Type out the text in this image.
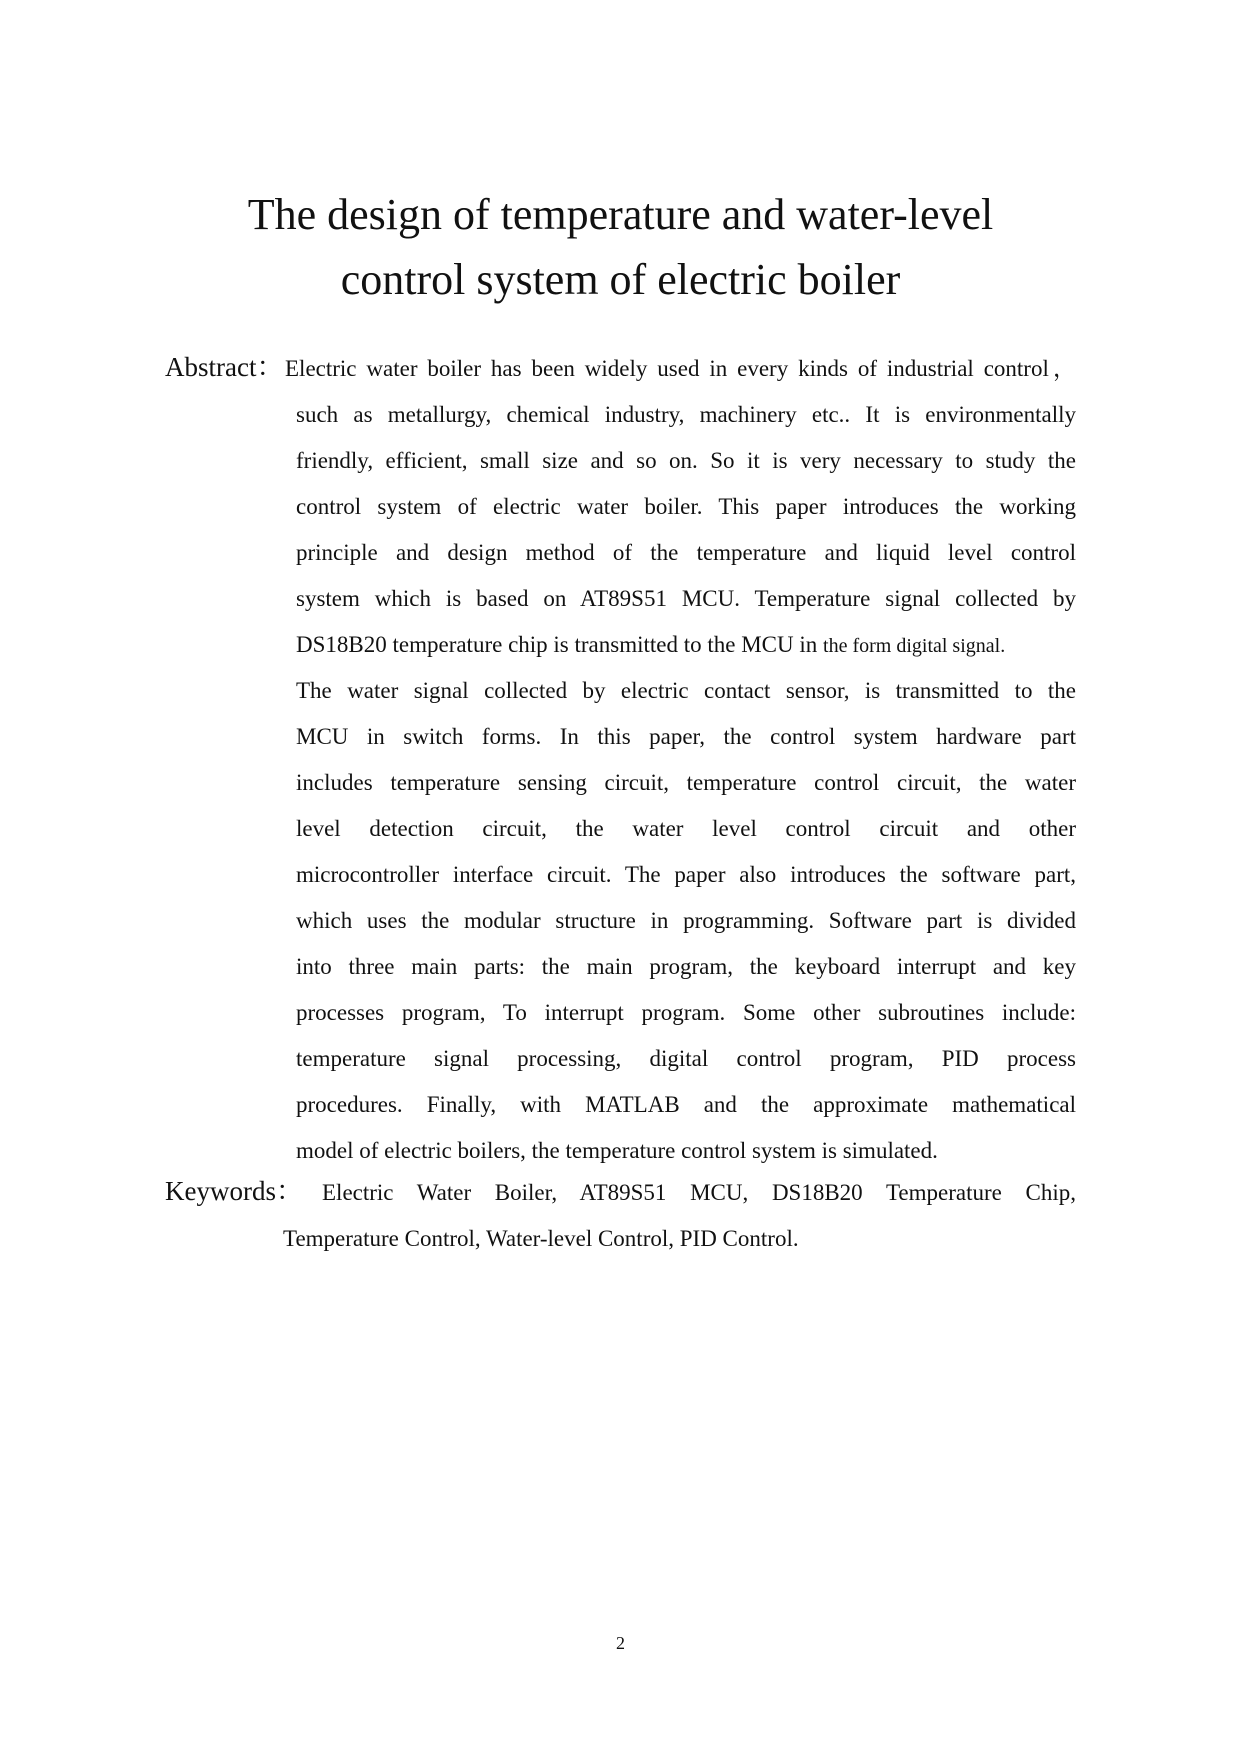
The design of temperature and water-level
control system of electric boiler
Abstract： Electric water boiler has been widely used in every kinds of industrial control，
such as metallurgy, chemical industry, machinery etc.. It is environmentally
friendly, efficient, small size and so on. So it is very necessary to study the
control system of electric water boiler. This paper introduces the working
principle and design method of the temperature and liquid level control
system which is based on AT89S51 MCU. Temperature signal collected by
DS18B20 temperature chip is transmitted to the MCU in the form digital signal.
The water signal collected by electric contact sensor, is transmitted to the
MCU in switch forms. In this paper, the control system hardware part
includes temperature sensing circuit, temperature control circuit, the water
level detection circuit, the water level control circuit and other
microcontroller interface circuit. The paper also introduces the software part,
which uses the modular structure in programming. Software part is divided
into three main parts: the main program, the keyboard interrupt and key
processes program, To interrupt program. Some other subroutines include:
temperature signal processing, digital control program, PID process
procedures. Finally, with MATLAB and the approximate mathematical
model of electric boilers, the temperature control system is simulated.
Keywords： Electric Water Boiler, AT89S51 MCU, DS18B20 Temperature Chip,
Temperature Control, Water-level Control, PID Control.
2
